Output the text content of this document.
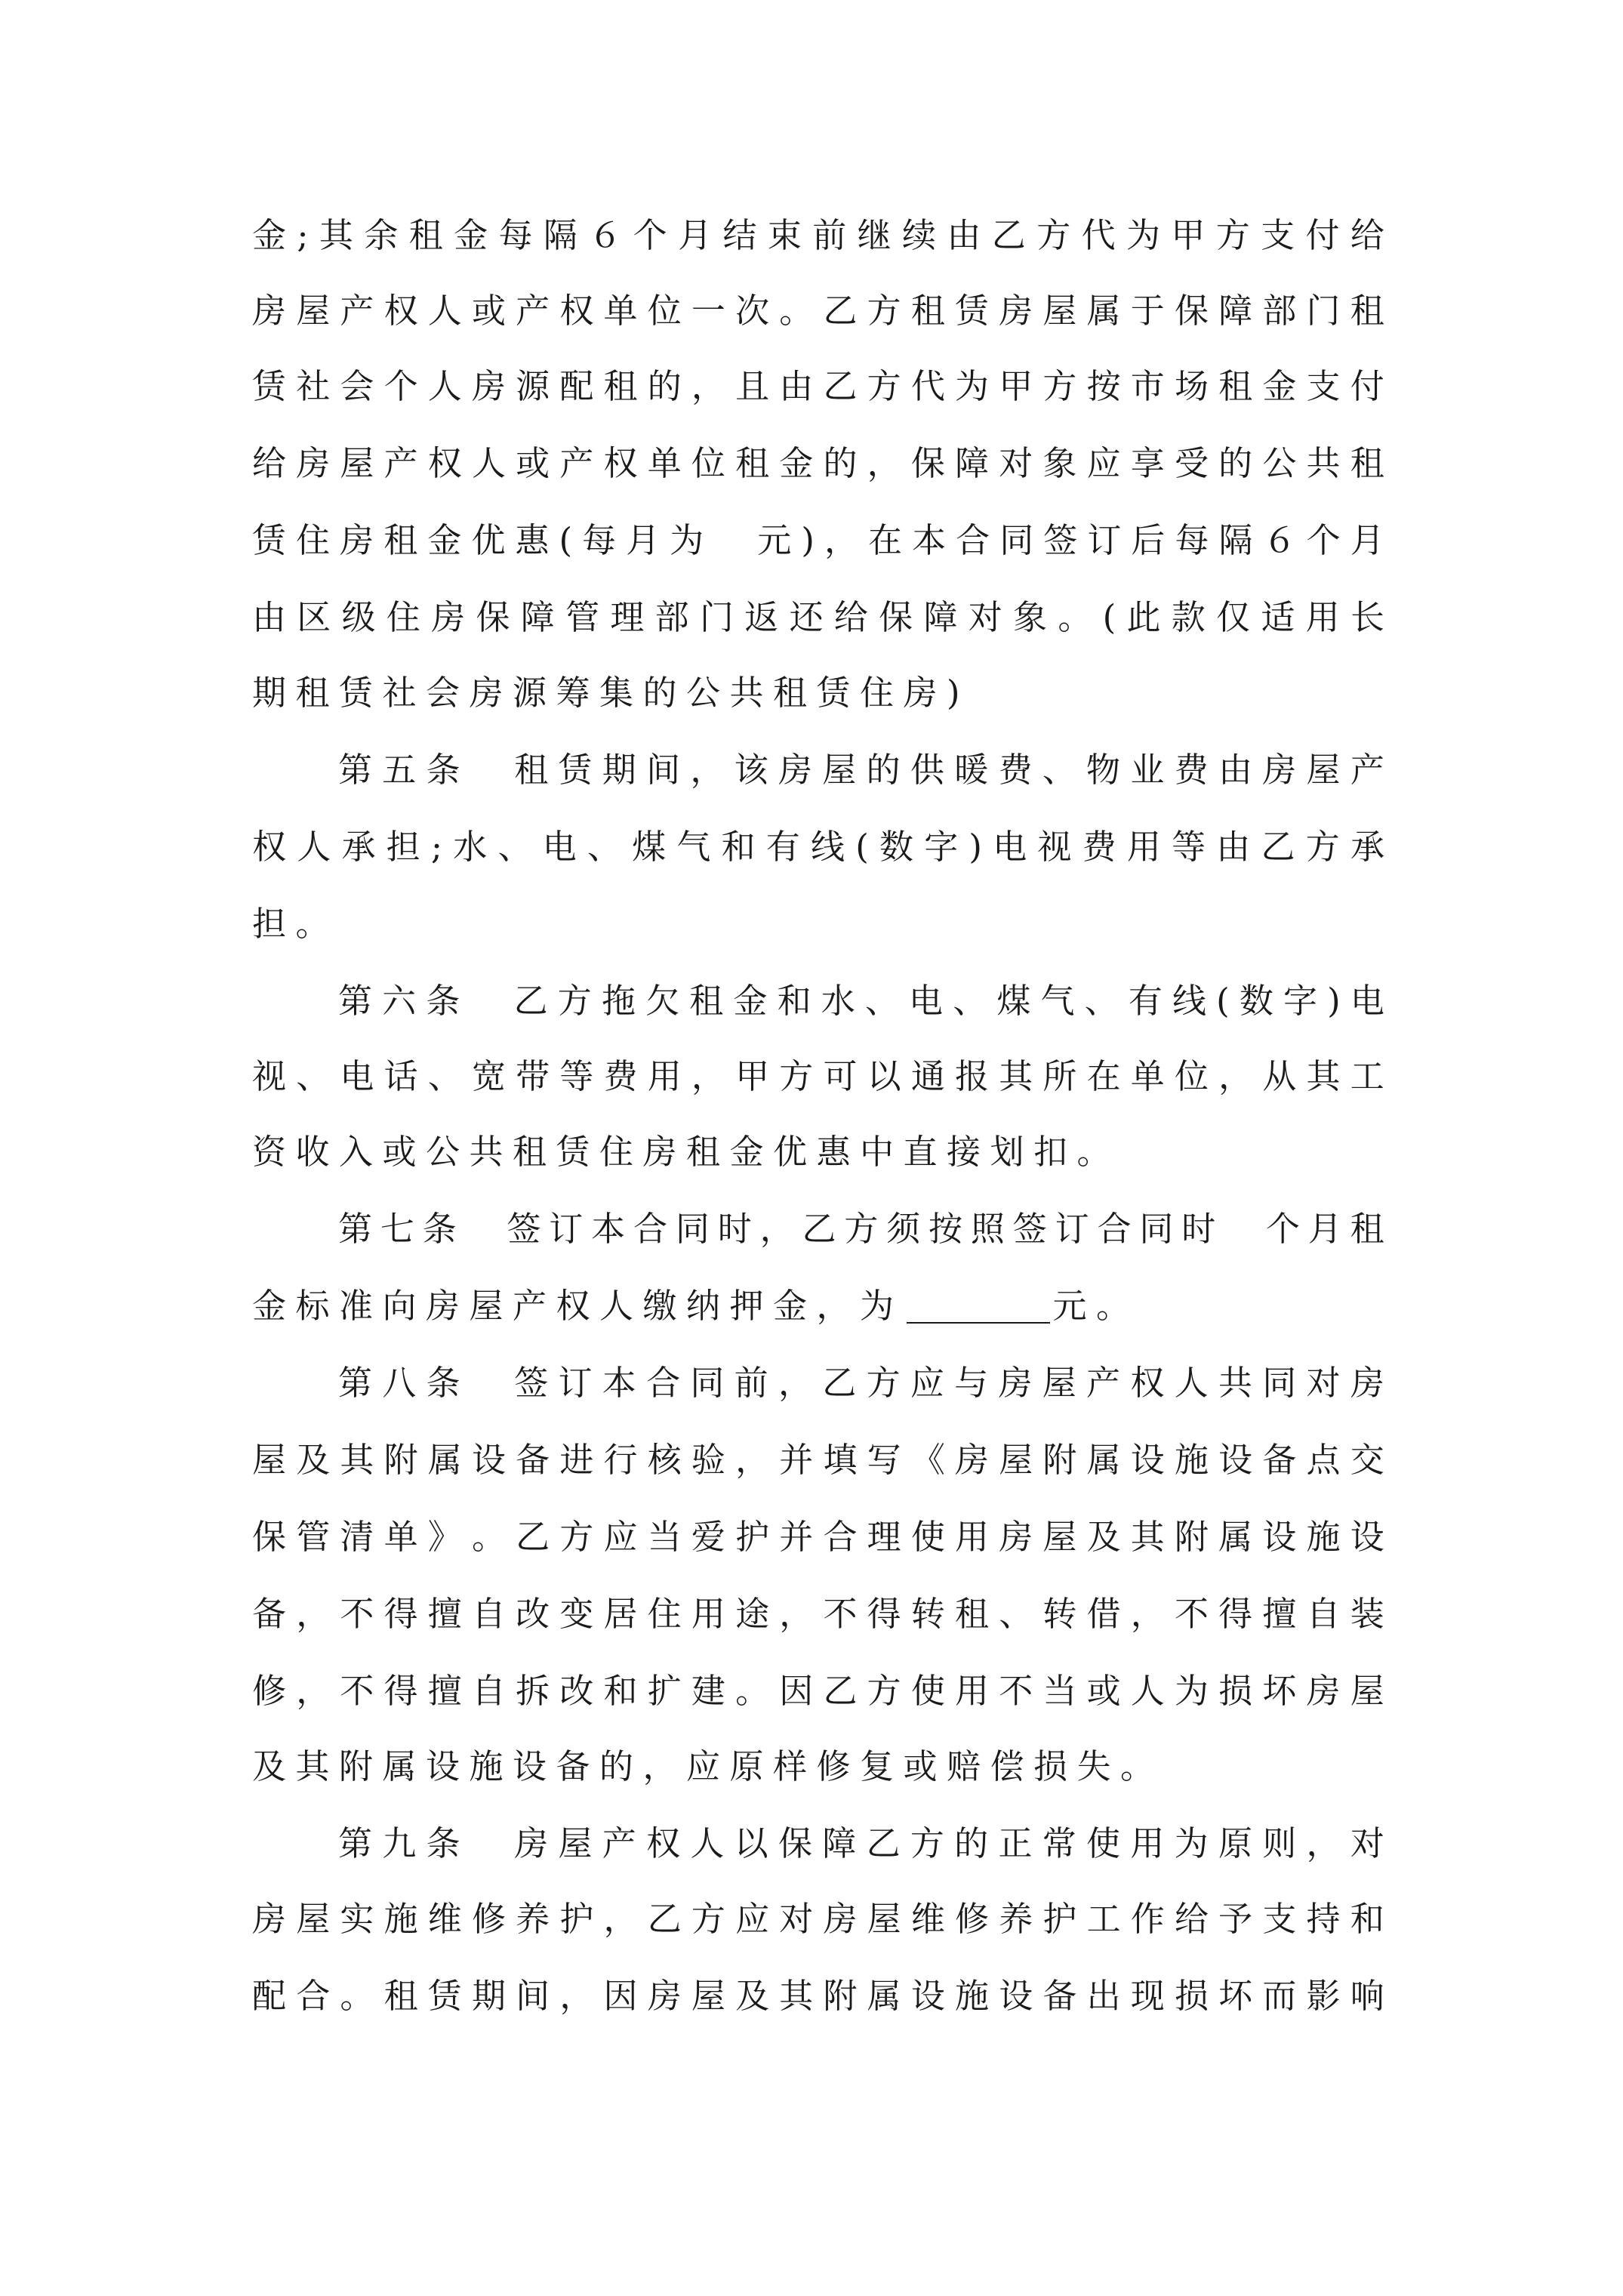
金 ; 其 余 租 金 每 隔 ６ 个 月 结 束 前 继 续 由 乙 方 代 为 甲 方 支 付 给
房 屋 产 权 人 或 产 权 单 位 一 次 。 乙 方 租 赁 房 屋 属 于 保 障 部 门 租
赁 社 会 个 人 房 源 配 租 的 ， 且 由 乙 方 代 为 甲 方 按 市 场 租 金 支 付
给 房 屋 产 权 人 或 产 权 单 位 租 金 的 ， 保 障 对 象 应 享 受 的 公 共 租
赁 住 房 租 金 优 惠 ( 每 月 为
　 元 ) ， 在 本 合 同 签 订 后 每 隔 ６ 个 月
由 区 级 住 房 保 障 管 理 部 门 返 还 给 保 障 对 象 。 ( 此 款 仅 适 用 长
期租赁社会房源筹集的公共租赁住房)
第 五 条
　 租 赁 期 间 ， 该 房 屋 的 供 暖 费 、 物 业 费 由 房 屋 产
权 人 承 担 ; 水 、 电 、 煤 气 和 有 线 ( 数 字 ) 电 视 费 用 等 由 乙 方 承
担。
第 六 条
　 乙 方 拖 欠 租 金 和 水 、 电 、 煤 气 、 有 线 ( 数 字 ) 电
视 、 电 话 、 宽 带 等 费 用 ， 甲 方 可 以 通 报 其 所 在 单 位 ， 从 其 工
资收入或公共租赁住房租金优惠中直接划扣。
第 七 条
　 签 订 本 合 同 时 ， 乙 方 须 按 照 签 订 合 同 时
　 个 月 租
金标准向房屋产权人缴纳押金，为	元。
第 八 条
　 签 订 本 合 同 前 ， 乙 方 应 与 房 屋 产 权 人 共 同 对 房
屋 及 其 附 属 设 备 进 行 核 验 ， 并 填 写 《 房 屋 附 属 设 施 设 备 点 交
保 管 清 单 》 。 乙 方 应 当 爱 护 并 合 理 使 用 房 屋 及 其 附 属 设 施 设
备 ， 不 得 擅 自 改 变 居 住 用 途 ， 不 得 转 租 、 转 借 ， 不 得 擅 自 装
修 ， 不 得 擅 自 拆 改 和 扩 建 。 因 乙 方 使 用 不 当 或 人 为 损 坏 房 屋
及其附属设施设备的，应原样修复或赔偿损失。
第 九 条
　 房 屋 产 权 人 以 保 障 乙 方 的 正 常 使 用 为 原 则 ， 对
房 屋 实 施 维 修 养 护 ， 乙 方 应 对 房 屋 维 修 养 护 工 作 给 予 支 持 和
配 合 。 租 赁 期 间 ， 因 房 屋 及 其 附 属 设 施 设 备 出 现 损 坏 而 影 响
